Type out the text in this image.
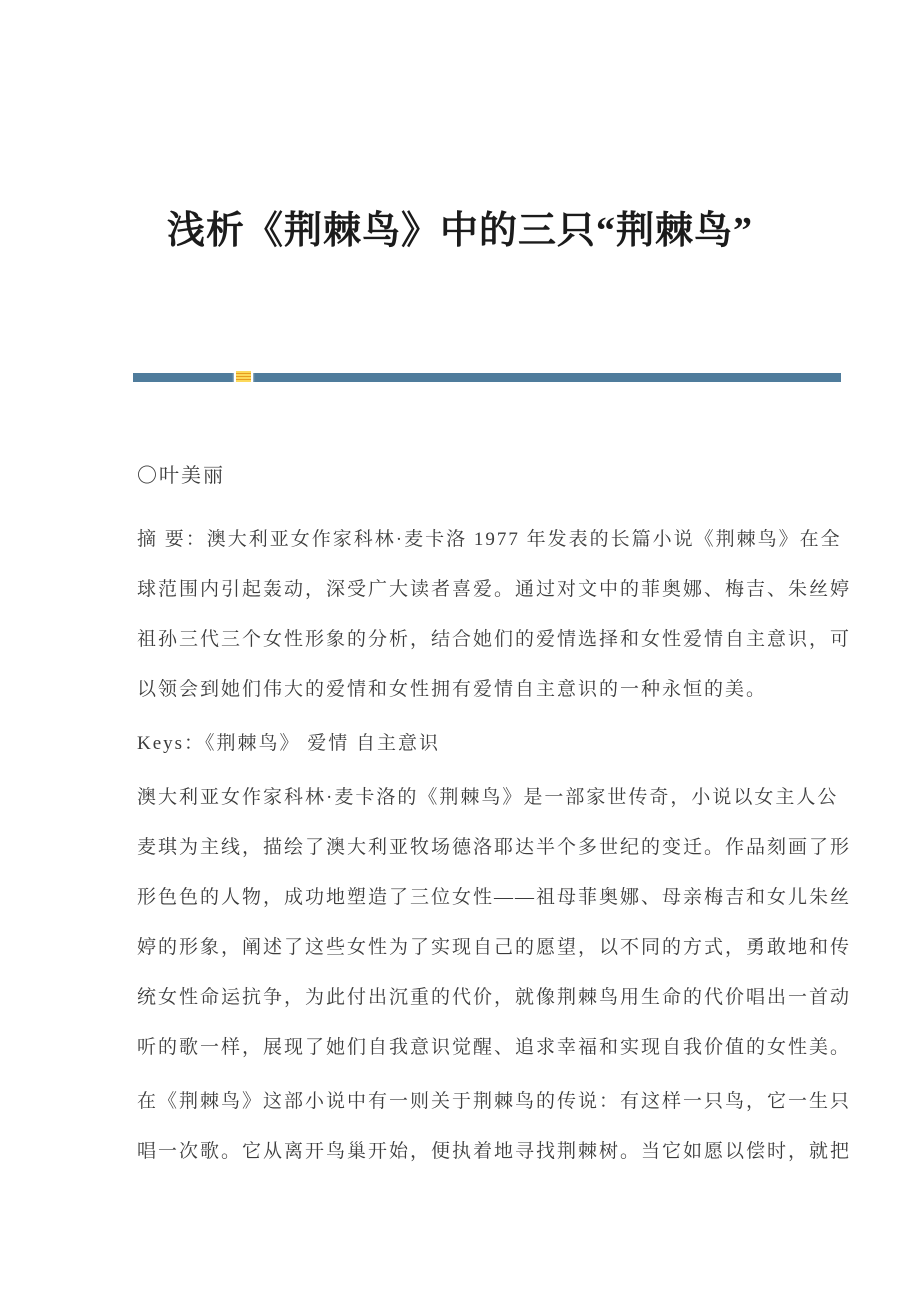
浅析《荆棘鸟》中的三只“荆棘鸟”
〇叶美丽
摘 要：澳大利亚女作家科林·麦卡洛 1977 年发表的长篇小说《荆棘鸟》在全
球范围内引起轰动，深受广大读者喜爱。通过对文中的菲奥娜、梅吉、朱丝婷
祖孙三代三个女性形象的分析，结合她们的爱情选择和女性爱情自主意识，可
以领会到她们伟大的爱情和女性拥有爱情自主意识的一种永恒的美。
Keys：《荆棘鸟》 爱情 自主意识
澳大利亚女作家科林·麦卡洛的《荆棘鸟》是一部家世传奇，小说以女主人公
麦琪为主线，描绘了澳大利亚牧场德洛耶达半个多世纪的变迁。作品刻画了形
形色色的人物，成功地塑造了三位女性——祖母菲奥娜、母亲梅吉和女儿朱丝
婷的形象，阐述了这些女性为了实现自己的愿望，以不同的方式，勇敢地和传
统女性命运抗争，为此付出沉重的代价，就像荆棘鸟用生命的代价唱出一首动
听的歌一样，展现了她们自我意识觉醒、追求幸福和实现自我价值的女性美。
在《荆棘鸟》这部小说中有一则关于荆棘鸟的传说：有这样一只鸟，它一生只
唱一次歌。它从离开鸟巢开始，便执着地寻找荆棘树。当它如愿以偿时，就把
